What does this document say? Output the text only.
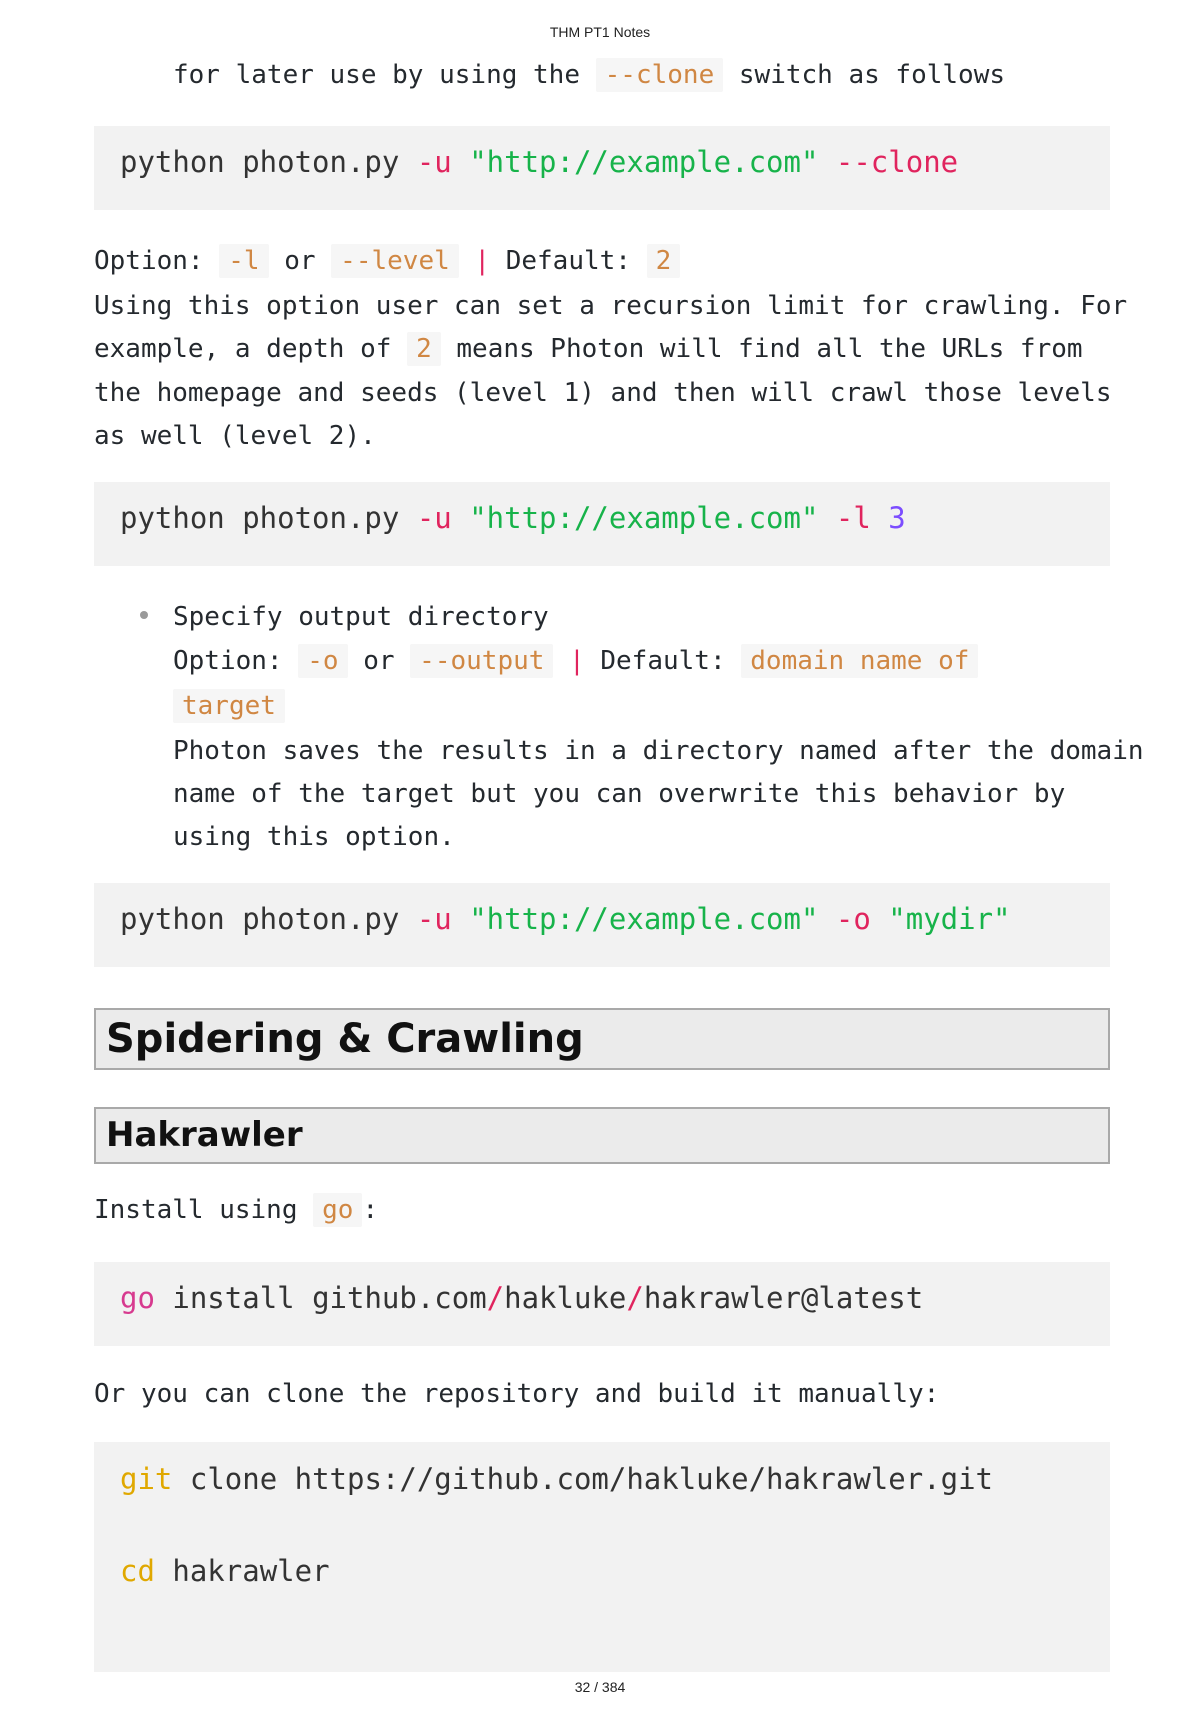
THM PT1 Notes
for later use by using the --clone switch as follows
python photon.py -u "http://example.com" --clone
Option: -l or --level | Default: 2
Using this option user can set a recursion limit for crawling. For
example, a depth of 2 means Photon will find all the URLs from
the homepage and seeds (level 1) and then will crawl those levels
as well (level 2).
python photon.py -u "http://example.com" -l 3
Specify output directory
Option: -o or --output | Default: domain name of
target
Photon saves the results in a directory named after the domain
name of the target but you can overwrite this behavior by
using this option.
python photon.py -u "http://example.com" -o "mydir"
Spidering & Crawling
Hakrawler
Install using go :
go install github.com/hakluke/hakrawler@latest
Or you can clone the repository and build it manually:
git clone https://github.com/hakluke/hakrawler.git
cd hakrawler
32 / 384
